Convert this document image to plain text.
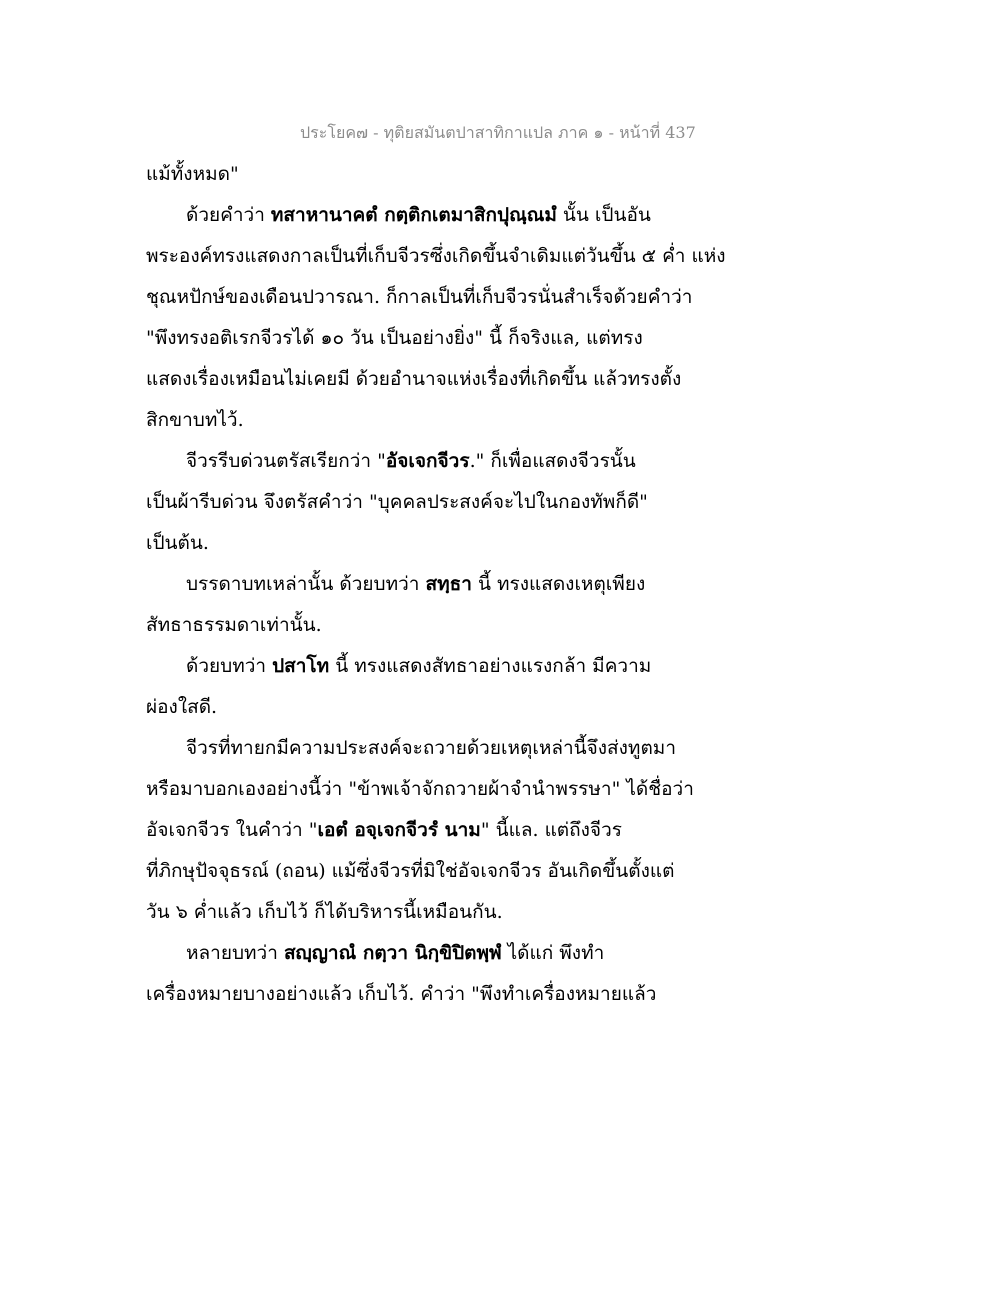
ประโยค๗ - ทุติยสมันตปาสาทิกาแปล ภาค ๑ - หน้าที่ 437
แม้ทั้งหมด"
ด้วยคำว่า ทสาหานาคตํ กตฺติกเตมาสิกปุณฺณมํ นั้น เป็นอัน
พระองค์ทรงแสดงกาลเป็นที่เก็บจีวรซึ่งเกิดขึ้นจำเดิมแต่วันขึ้น ๕ ค่ำ แห่ง
ชุณหปักษ์ของเดือนปวารณา. ก็กาลเป็นที่เก็บจีวรนั่นสำเร็จด้วยคำว่า
"พึงทรงอติเรกจีวรได้ ๑๐ วัน เป็นอย่างยิ่ง" นี้ ก็จริงแล, แต่ทรง
แสดงเรื่องเหมือนไม่เคยมี ด้วยอำนาจแห่งเรื่องที่เกิดขึ้น แล้วทรงตั้ง
สิกขาบทไว้.
จีวรรีบด่วนตรัสเรียกว่า "อัจเจกจีวร." ก็เพื่อแสดงจีวรนั้น
เป็นผ้ารีบด่วน จึงตรัสคำว่า "บุคคลประสงค์จะไปในกองทัพก็ดี"
เป็นต้น.
บรรดาบทเหล่านั้น ด้วยบทว่า สทฺธา นี้ ทรงแสดงเหตุเพียง
สัทธาธรรมดาเท่านั้น.
ด้วยบทว่า ปสาโท นี้ ทรงแสดงสัทธาอย่างแรงกล้า มีความ
ผ่องใสดี.
จีวรที่ทายกมีความประสงค์จะถวายด้วยเหตุเหล่านี้จึงส่งทูตมา
หรือมาบอกเองอย่างนี้ว่า "ข้าพเจ้าจักถวายผ้าจำนำพรรษา" ได้ชื่อว่า
อัจเจกจีวร ในคำว่า "เอตํ อจฺเจกจีวรํ นาม" นี้แล. แต่ถึงจีวร
ที่ภิกษุปัจจุธรณ์ (ถอน) แม้ซึ่งจีวรที่มิใช่อัจเจกจีวร อันเกิดขึ้นตั้งแต่
วัน ๖ ค่ำแล้ว เก็บไว้ ก็ได้บริหารนี้เหมือนกัน.
หลายบทว่า สญฺญาณํ กตฺวา นิกฺขิปิตพฺพํ ได้แก่ พึงทำ
เครื่องหมายบางอย่างแล้ว เก็บไว้. คำว่า "พึงทำเครื่องหมายแล้ว
